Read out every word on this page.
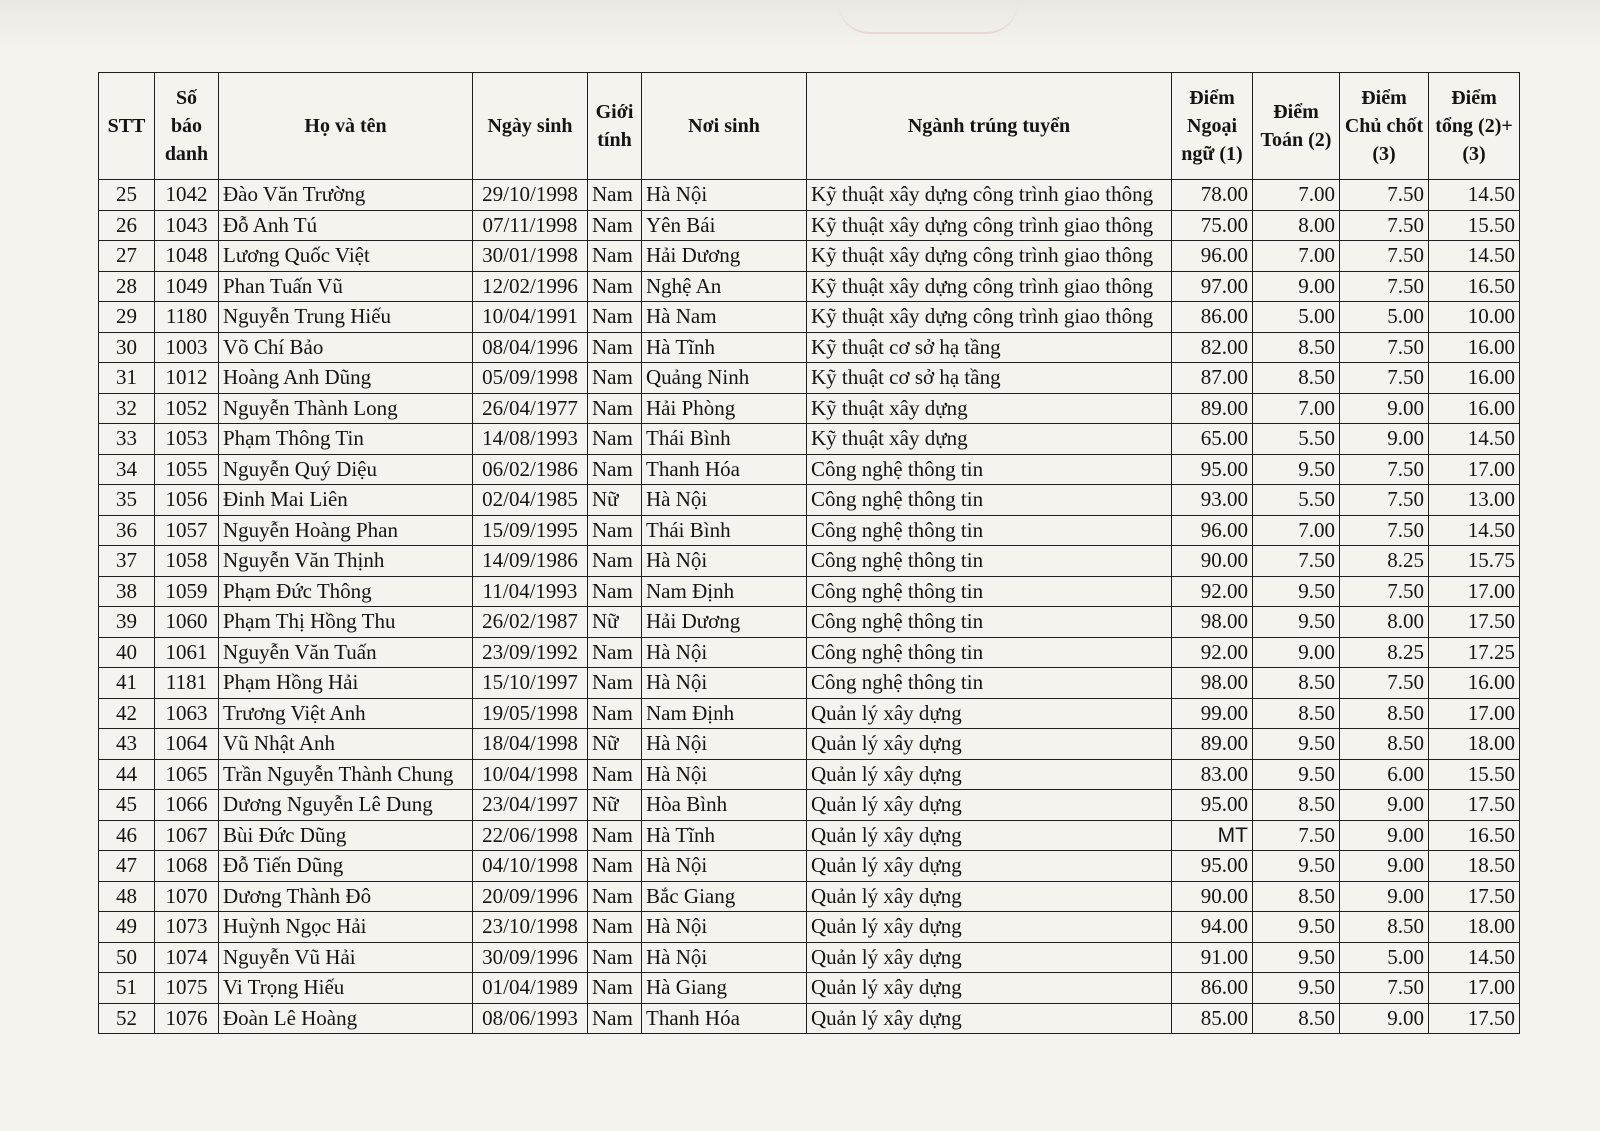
STT	Số báo danh	Họ và tên	Ngày sinh	Giới tính	Nơi sinh	Ngành trúng tuyển	Điểm Ngoại ngữ (1)	Điểm Toán (2)	Điểm Chủ chốt (3)	Điểm tổng (2)+(3)
25	1042	Đào Văn Trường	29/10/1998	Nam	Hà Nội	Kỹ thuật xây dựng công trình giao thông	78.00	7.00	7.50	14.50
26	1043	Đỗ Anh Tú	07/11/1998	Nam	Yên Bái	Kỹ thuật xây dựng công trình giao thông	75.00	8.00	7.50	15.50
27	1048	Lương Quốc Việt	30/01/1998	Nam	Hải Dương	Kỹ thuật xây dựng công trình giao thông	96.00	7.00	7.50	14.50
28	1049	Phan Tuấn Vũ	12/02/1996	Nam	Nghệ An	Kỹ thuật xây dựng công trình giao thông	97.00	9.00	7.50	16.50
29	1180	Nguyễn Trung Hiếu	10/04/1991	Nam	Hà Nam	Kỹ thuật xây dựng công trình giao thông	86.00	5.00	5.00	10.00
30	1003	Võ Chí Bảo	08/04/1996	Nam	Hà Tĩnh	Kỹ thuật cơ sở hạ tầng	82.00	8.50	7.50	16.00
31	1012	Hoàng Anh Dũng	05/09/1998	Nam	Quảng Ninh	Kỹ thuật cơ sở hạ tầng	87.00	8.50	7.50	16.00
32	1052	Nguyễn Thành Long	26/04/1977	Nam	Hải Phòng	Kỹ thuật xây dựng	89.00	7.00	9.00	16.00
33	1053	Phạm Thông Tin	14/08/1993	Nam	Thái Bình	Kỹ thuật xây dựng	65.00	5.50	9.00	14.50
34	1055	Nguyễn Quý Diệu	06/02/1986	Nam	Thanh Hóa	Công nghệ thông tin	95.00	9.50	7.50	17.00
35	1056	Đinh Mai Liên	02/04/1985	Nữ	Hà Nội	Công nghệ thông tin	93.00	5.50	7.50	13.00
36	1057	Nguyễn Hoàng Phan	15/09/1995	Nam	Thái Bình	Công nghệ thông tin	96.00	7.00	7.50	14.50
37	1058	Nguyễn Văn Thịnh	14/09/1986	Nam	Hà Nội	Công nghệ thông tin	90.00	7.50	8.25	15.75
38	1059	Phạm Đức Thông	11/04/1993	Nam	Nam Định	Công nghệ thông tin	92.00	9.50	7.50	17.00
39	1060	Phạm Thị Hồng Thu	26/02/1987	Nữ	Hải Dương	Công nghệ thông tin	98.00	9.50	8.00	17.50
40	1061	Nguyễn Văn Tuấn	23/09/1992	Nam	Hà Nội	Công nghệ thông tin	92.00	9.00	8.25	17.25
41	1181	Phạm Hồng Hải	15/10/1997	Nam	Hà Nội	Công nghệ thông tin	98.00	8.50	7.50	16.00
42	1063	Trương Việt Anh	19/05/1998	Nam	Nam Định	Quản lý xây dựng	99.00	8.50	8.50	17.00
43	1064	Vũ Nhật Anh	18/04/1998	Nữ	Hà Nội	Quản lý xây dựng	89.00	9.50	8.50	18.00
44	1065	Trần Nguyễn Thành Chung	10/04/1998	Nam	Hà Nội	Quản lý xây dựng	83.00	9.50	6.00	15.50
45	1066	Dương Nguyễn Lê Dung	23/04/1997	Nữ	Hòa Bình	Quản lý xây dựng	95.00	8.50	9.00	17.50
46	1067	Bùi Đức Dũng	22/06/1998	Nam	Hà Tĩnh	Quản lý xây dựng	MT	7.50	9.00	16.50
47	1068	Đỗ Tiến Dũng	04/10/1998	Nam	Hà Nội	Quản lý xây dựng	95.00	9.50	9.00	18.50
48	1070	Dương Thành Đô	20/09/1996	Nam	Bắc Giang	Quản lý xây dựng	90.00	8.50	9.00	17.50
49	1073	Huỳnh Ngọc Hải	23/10/1998	Nam	Hà Nội	Quản lý xây dựng	94.00	9.50	8.50	18.00
50	1074	Nguyễn Vũ Hải	30/09/1996	Nam	Hà Nội	Quản lý xây dựng	91.00	9.50	5.00	14.50
51	1075	Vi Trọng Hiếu	01/04/1989	Nam	Hà Giang	Quản lý xây dựng	86.00	9.50	7.50	17.00
52	1076	Đoàn Lê Hoàng	08/06/1993	Nam	Thanh Hóa	Quản lý xây dựng	85.00	8.50	9.00	17.50
